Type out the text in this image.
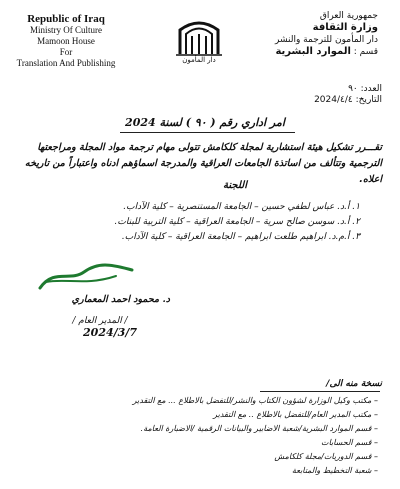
Republic of Iraq
Ministry Of Culture
Mamoon House
For
Translation And Publishing	دار المأمون
جمهورية العراق
وزارة الثقافة
دار المأمون للترجمة والنشر
قسم : الموارد البشرية
العدد: ٩٠
التاريخ: 2024/٤/٤
امر اداري رقم ( ٩٠ ) لسنة 2024
تقـــرر تشكيل هيئة استشارية لمجلة كلكامش تتولى مهام ترجمة مواد المجلة ومراجعتها الترجمية وتتألف من اساتذة الجامعات العراقية والمدرجة اسماؤهم ادناه واعتباراً من تاريخه اعلاه.
اللجنة
١. أ.د. عباس لطفي حسين – الجامعة المستنصرية – كلية الآداب.
٢. أ.د. سوسن صالح سرية – الجامعة العراقية – كلية التربية للبنات.
٣. أ.م.د. ابراهيم طلعت ابراهيم – الجامعة العراقية – كلية الآداب.
د. محمود احمد المعماري
/ المدير العام /
2024/3/7
نسخة منه الى/
– مكتب وكيل الوزارة لشؤون الكتاب والنشر/للتفضل بالاطلاع ... مع التقدير
– مكتب المدير العام/للتفضل بالاطلاع .. مع التقدير
– قسم الموارد البشرية/شعبة الاضابير والبيانات الرقمية /الاضبارة العامة.
– قسم الحسابات
– قسم الدوريات/مجلة كلكامش
– شعبة التخطيط والمتابعة
